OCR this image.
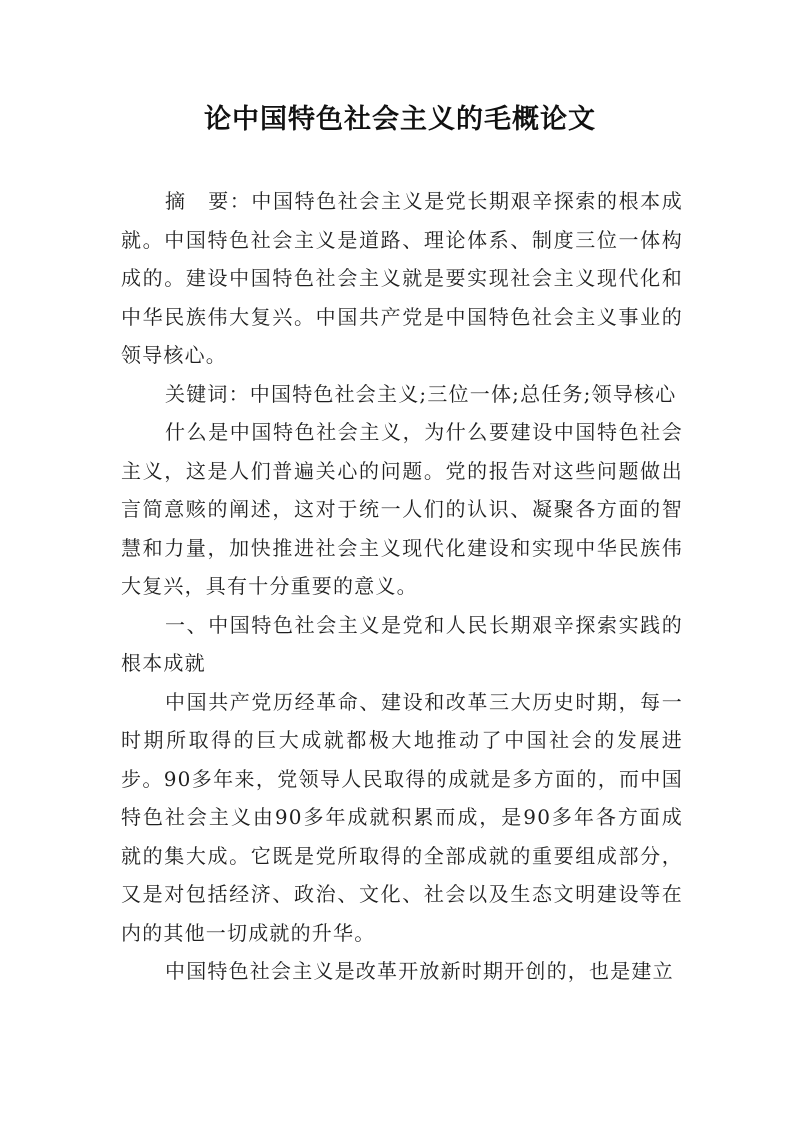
论中国特色社会主义的毛概论文

摘　要：中国特色社会主义是党长期艰辛探索的根本成就。中国特色社会主义是道路、理论体系、制度三位一体构成的。建设中国特色社会主义就是要实现社会主义现代化和中华民族伟大复兴。中国共产党是中国特色社会主义事业的领导核心。

关键词：中国特色社会主义;三位一体;总任务;领导核心

什么是中国特色社会主义，为什么要建设中国特色社会主义，这是人们普遍关心的问题。党的报告对这些问题做出言简意赅的阐述，这对于统一人们的认识、凝聚各方面的智慧和力量，加快推进社会主义现代化建设和实现中华民族伟大复兴，具有十分重要的意义。

一、中国特色社会主义是党和人民长期艰辛探索实践的根本成就

中国共产党历经革命、建设和改革三大历史时期，每一时期所取得的巨大成就都极大地推动了中国社会的发展进步。90多年来，党领导人民取得的成就是多方面的，而中国特色社会主义由90多年成就积累而成，是90多年各方面成就的集大成。它既是党所取得的全部成就的重要组成部分，又是对包括经济、政治、文化、社会以及生态文明建设等在内的其他一切成就的升华。

中国特色社会主义是改革开放新时期开创的，也是建立
